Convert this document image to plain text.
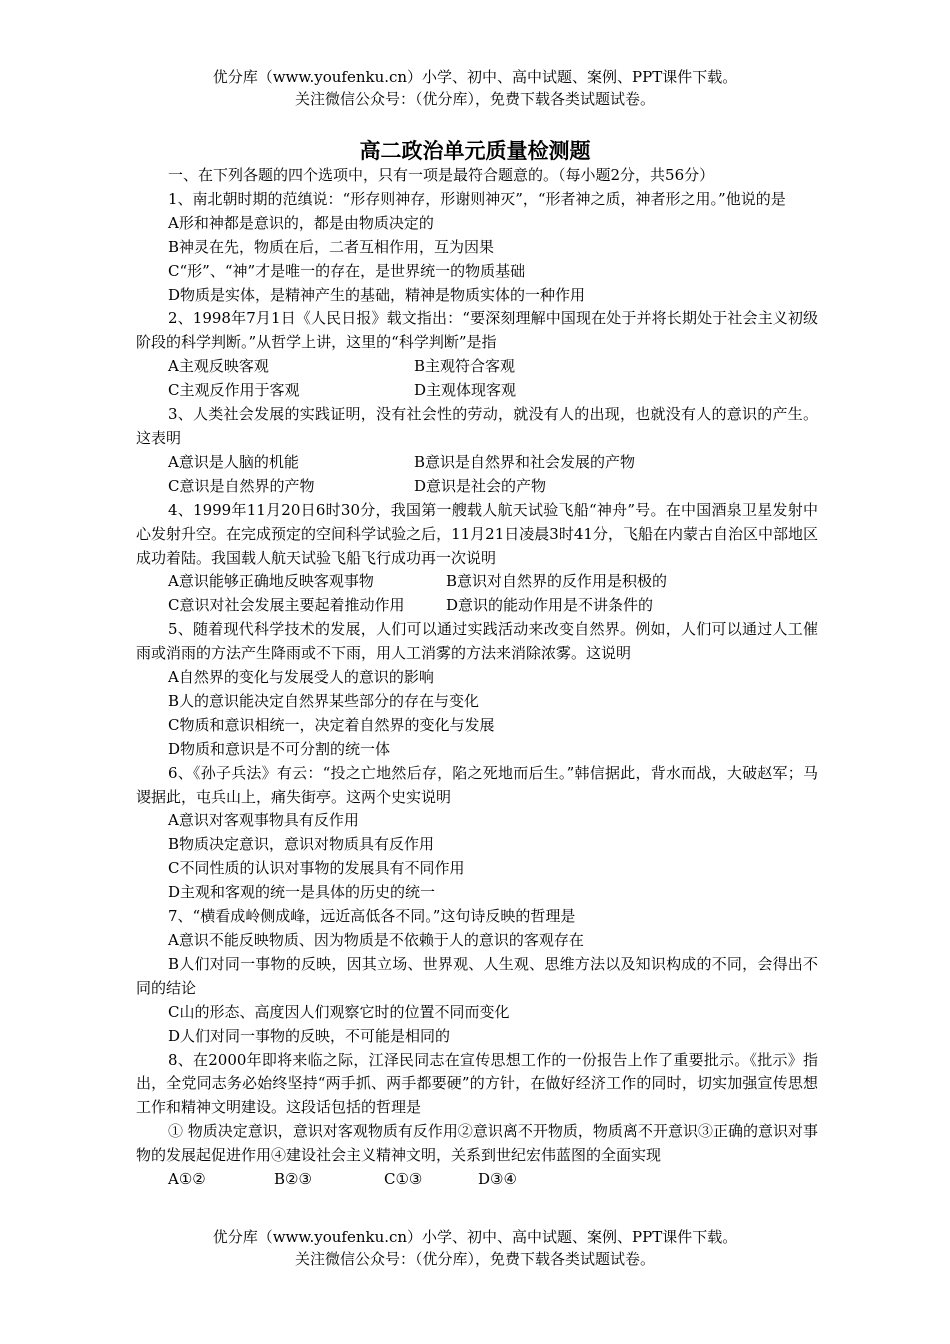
优分库（www.youfenku.cn）小学、初中、高中试题、案例、PPT课件下载。
关注微信公众号：（优分库），免费下载各类试题试卷。
高二政治单元质量检测题

一、在下列各题的四个选项中，只有一项是最符合题意的。（每小题2分，共56分）

1、南北朝时期的范缜说：“形存则神存，形谢则神灭”，“形者神之质，神者形之用。”他说的是

A形和神都是意识的，都是由物质决定的

B神灵在先，物质在后，二者互相作用，互为因果

C“形”、“神”才是唯一的存在，是世界统一的物质基础

D物质是实体，是精神产生的基础，精神是物质实体的一种作用

2、1998年7月1日《人民日报》载文指出：“要深刻理解中国现在处于并将长期处于社会主义初级阶段的科学判断。”从哲学上讲，这里的“科学判断”是指

A主观反映客观	B主观符合客观
C主观反作用于客观	D主观体现客观

3、人类社会发展的实践证明，没有社会性的劳动，就没有人的出现，也就没有人的意识的产生。这表明

A意识是人脑的机能	B意识是自然界和社会发展的产物
C意识是自然界的产物	D意识是社会的产物

4、1999年11月20日6时30分，我国第一艘载人航天试验飞船“神舟”号。在中国酒泉卫星发射中心发射升空。在完成预定的空间科学试验之后，11月21日凌晨3时41分，飞船在内蒙古自治区中部地区成功着陆。我国载人航天试验飞船飞行成功再一次说明

A意识能够正确地反映客观事物	B意识对自然界的反作用是积极的
C意识对社会发展主要起着推动作用	D意识的能动作用是不讲条件的

5、随着现代科学技术的发展，人们可以通过实践活动来改变自然界。例如，人们可以通过人工催雨或消雨的方法产生降雨或不下雨，用人工消雾的方法来消除浓雾。这说明

A自然界的变化与发展受人的意识的影响

B人的意识能决定自然界某些部分的存在与变化

C物质和意识相统一，决定着自然界的变化与发展

D物质和意识是不可分割的统一体

6、《孙子兵法》有云：“投之亡地然后存，陷之死地而后生。”韩信据此，背水而战，大破赵军；马谡据此，屯兵山上，痛失街亭。这两个史实说明

A意识对客观事物具有反作用

B物质决定意识，意识对物质具有反作用

C不同性质的认识对事物的发展具有不同作用

D主观和客观的统一是具体的历史的统一

7、“横看成岭侧成峰，远近高低各不同。”这句诗反映的哲理是

A意识不能反映物质、因为物质是不依赖于人的意识的客观存在

B人们对同一事物的反映，因其立场、世界观、人生观、思维方法以及知识构成的不同，会得出不同的结论

C山的形态、高度因人们观察它时的位置不同而变化

D人们对同一事物的反映，不可能是相同的

8、在2000年即将来临之际，江泽民同志在宣传思想工作的一份报告上作了重要批示。《批示》指出，全党同志务必始终坚持“两手抓、两手都要硬”的方针，在做好经济工作的同时，切实加强宣传思想工作和精神文明建设。这段话包括的哲理是

① 物质决定意识，意识对客观物质有反作用②意识离不开物质，物质离不开意识③正确的意识对事物的发展起促进作用④建设社会主义精神文明，关系到世纪宏伟蓝图的全面实现

A①②	B②③	C①③	D③④
优分库（www.youfenku.cn）小学、初中、高中试题、案例、PPT课件下载。
关注微信公众号：（优分库），免费下载各类试题试卷。
